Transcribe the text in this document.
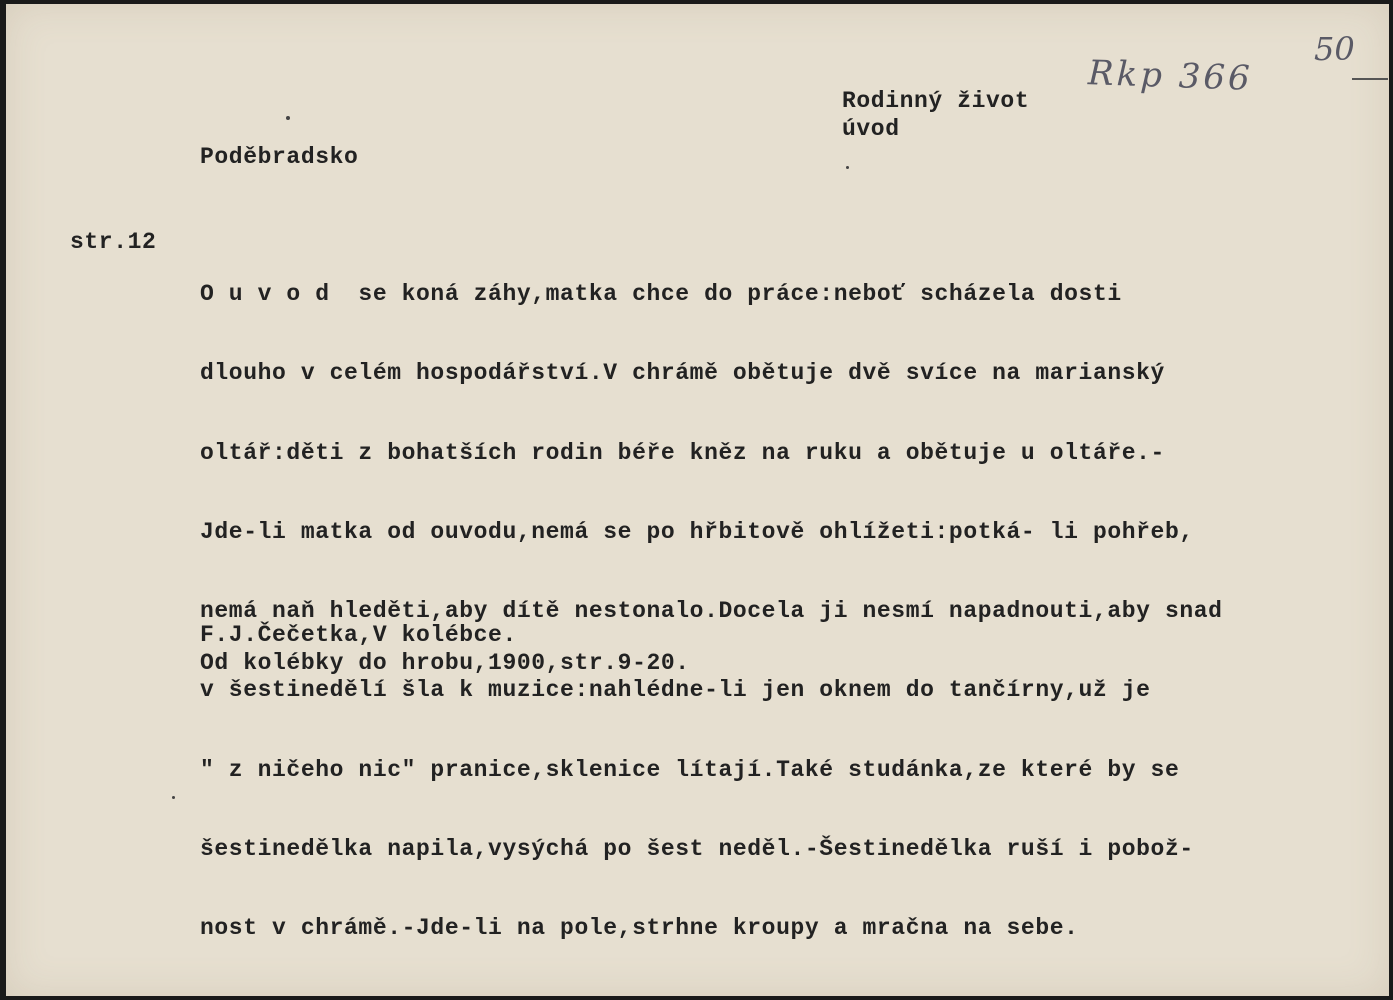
50
Rkp 366
Rodinný život
úvod
Poděbradsko
str.12

O u v o d  se koná záhy,matka chce do práce:neboť scházela dosti

dlouho v celém hospodářství.V chrámě obětuje dvě svíce na marianský

oltář:děti z bohatších rodin béře kněz na ruku a obětuje u oltáře.-

Jde-li matka od ouvodu,nemá se po hřbitově ohlížeti:potká- li pohřeb,

nemá naň hleděti,aby dítě nestonalo.Docela ji nesmí napadnouti,aby snad

v šestinedělí šla k muzice:nahlédne-li jen oknem do tančírny,už je

" z ničeho nic" pranice,sklenice lítají.Také studánka,ze které by se

šestinedělka napila,vysýchá po šest neděl.-Šestinedělka ruší i pobož-

nost v chrámě.-Jde-li na pole,strhne kroupy a mračna na sebe.

F.J.Čečetka,V kolébce.
Od kolébky do hrobu,1900,str.9-20.
